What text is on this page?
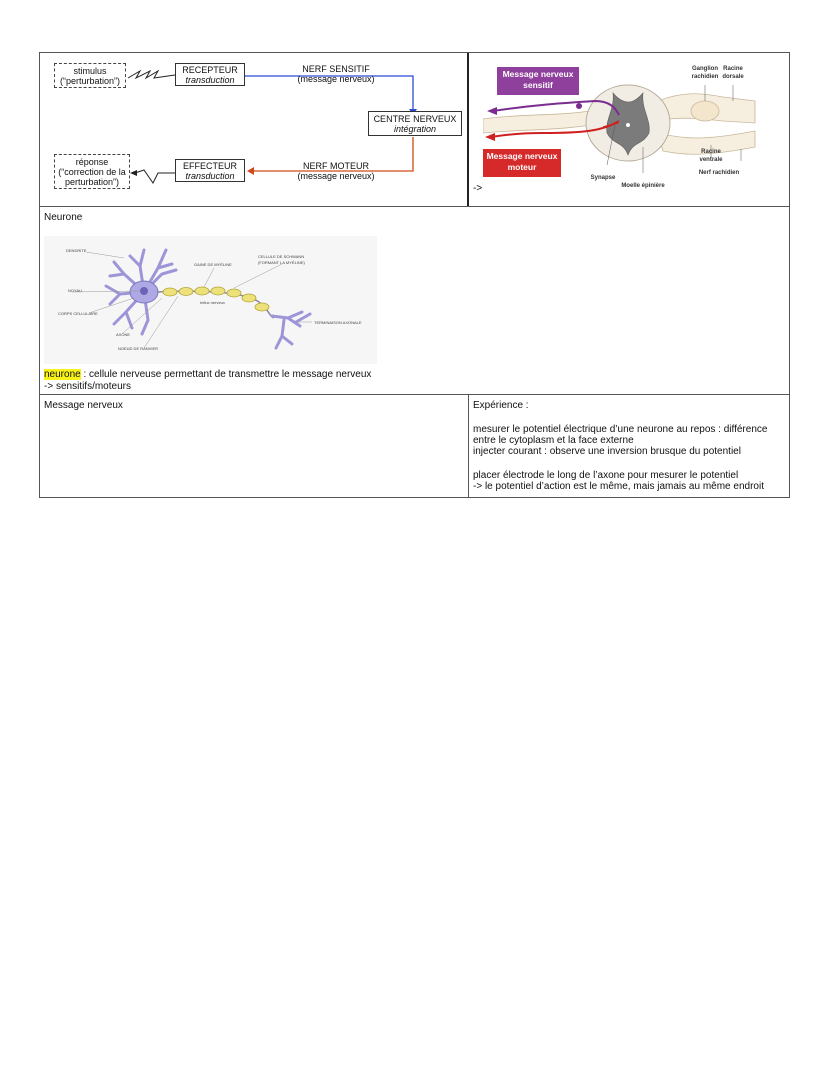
stimulus
(“perturbation”)
RECEPTEUR
transduction
NERF SENSITIF
(message nerveux)
CENTRE NERVEUX
intégration
réponse
(“correction de la
perturbation”)
EFFECTEUR
transduction
NERF MOTEUR
(message nerveux)
Ganglion
rachidien
Racine
dorsale
Racine
ventrale
Nerf rachidien
Synapse
Moelle épinière
Message nerveux
sensitif
Message nerveux
moteur
->
Neurone
DENDRITE
NOYAU
CORPS CELLULAIRE
AXONE
NOEUD DE RANVIER
GAINE DE MYÉLINE
CELLULE DE SCHWANN
(FORMANT LA MYÉLINE)
Influx nerveux
TERMINAISON AXONALE
neurone : cellule nerveuse permettant de transmettre le message nerveux
-> sensitifs/moteurs
Message nerveux	Expérience :
mesurer le potentiel électrique d’une neurone au repos : différence
entre le cytoplasm et la face externe
injecter courant : observe une inversion brusque du potentiel
placer électrode le long de l’axone pour mesurer le potentiel
-> le potentiel d’action est le même, mais jamais au même endroit
